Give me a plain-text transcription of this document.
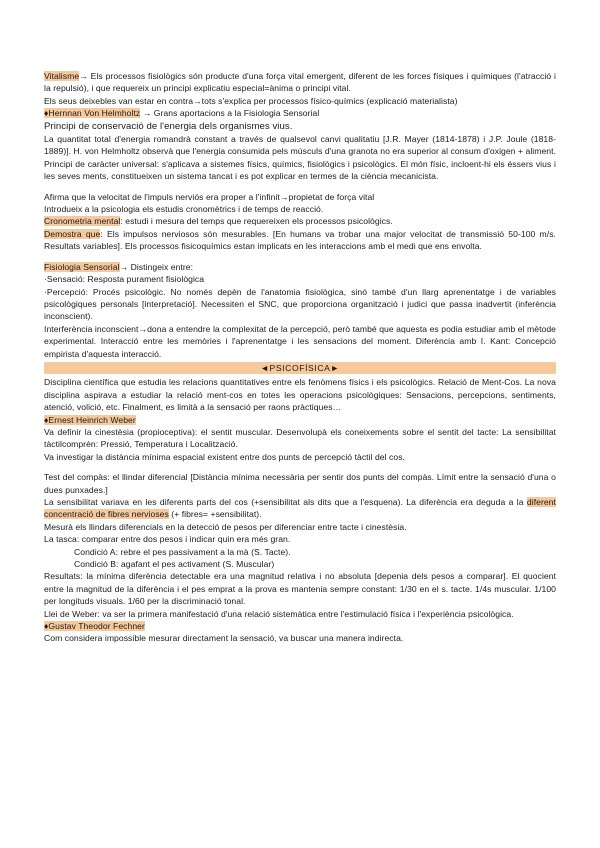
Vitalisme→ Els processos fisiològics són producte d'una força vital emergent, diferent de les forces físiques i químiques (l'atracció i la repulsió), i que requereix un principi explicatiu especial=ànima o principi vital.

Els seus deixebles van estar en contra→tots s'explica per processos físico-químics (explicació materialista)

♦Hernnan Von Helmholtz → Grans aportacions a la Fisiologia Sensorial

Principi de conservació de l'energia dels organismes vius.

La quantitat total d'energia romandrà constant a través de qualsevol canvi qualitatiu [J.R. Mayer (1814-1878) i J.P. Joule (1818-1889)]. H. von Helmholtz observà que l'energia consumida pels músculs d'una granota no era superior al consum d'oxigen + aliment. Principi de caràcter universal: s'aplicava a sistemes físics, químics, fisiològics i psicològics. El món físic, incloent-hi els éssers vius i les seves ments, constitueixen un sistema tancat i es pot explicar en termes de la ciència mecanicista.

Afirma que la velocitat de l'impuls nerviós era proper a l'infinit→propietat de força vital

Introdueix a la psicologia els estudis cronomètrics i de temps de reacció.

Cronometria mental: estudi i mesura del temps que requereixen els processos psicològics.

Demostra que: Els impulsos nerviosos són mesurables. [En humans va trobar una major velocitat de transmissió 50-100 m/s. Resultats variables]. Els processos fisicoquímics estan implicats en les interaccions amb el medi que ens envolta.

Fisiologia Sensorial→ Distingeix entre:

·Sensació: Resposta purament fisiològica

·Percepció: Procés psicològic. No només depèn de l'anatomia fisiològica, sinó també d'un llarg aprenentatge i de variables psicològiques personals [interpretació]. Necessiten el SNC, que proporciona organització i judici que passa inadvertit (inferència inconscient).

Interferència inconscient→dona a entendre la complexitat de la percepció, però també que aquesta es podia estudiar amb el mètode experimental. Interacció entre les memòries i l'aprenentatge i les sensacions del moment. Diferència amb I. Kant: Concepció empirista d'aquesta interacció.

◄PSICOFÍSICA►

Disciplina científica que estudia les relacions quantitatives entre els fenòmens físics i els psicològics. Relació de Ment-Cos. La nova disciplina aspirava a estudiar la relació ment-cos en totes les operacions psicològiques: Sensacions, percepcions, sentiments, atenció, volició, etc. Finalment, es limità a la sensació per raons pràctiques…

♦Ernest Heinrich Weber

Va definir la cinestèsia (propioceptiva): el sentit muscular. Desenvolupà els coneixements sobre el sentit del tacte: La sensibilitat tàctilcomprèn: Pressió, Temperatura i Localització.

Va investigar la distància mínima espacial existent entre dos punts de percepció tàctil del cos.

Test del compàs: el llindar diferencial [Distància mínima necessària per sentir dos punts del compàs. Límit entre la sensació d'una o dues punxades.]

La sensibilitat variava en les diferents parts del cos (+sensibilitat als dits que a l'esquena). La diferència era deguda a la diferent concentració de fibres nervioses (+ fibres= +sensibilitat).

Mesurà els llindars diferencials en la detecció de pesos per diferenciar entre tacte i cinestèsia.

La tasca: comparar entre dos pesos i indicar quin era més gran.

Condició A: rebre el pes passivament a la mà (S. Tacte).

Condició B: agafant el pes activament (S. Muscular)

Resultats: la mínima diferència detectable era una magnitud relativa i no absoluta [depenia dels pesos a comparar]. El quocient entre la magnitud de la diferència i el pes emprat a la prova es mantenia sempre constant: 1/30 en el s. tacte. 1/4s muscular. 1/100 per longituds visuals. 1/60 per la discriminació tonal.

Llei de Weber: va ser la primera manifestació d'una relació sistemàtica entre l'estimulació física i l'experiència psicològica.

♦Gustav Theodor Fechner

Com considera impossible mesurar directament la sensació, va buscar una manera indirecta.
